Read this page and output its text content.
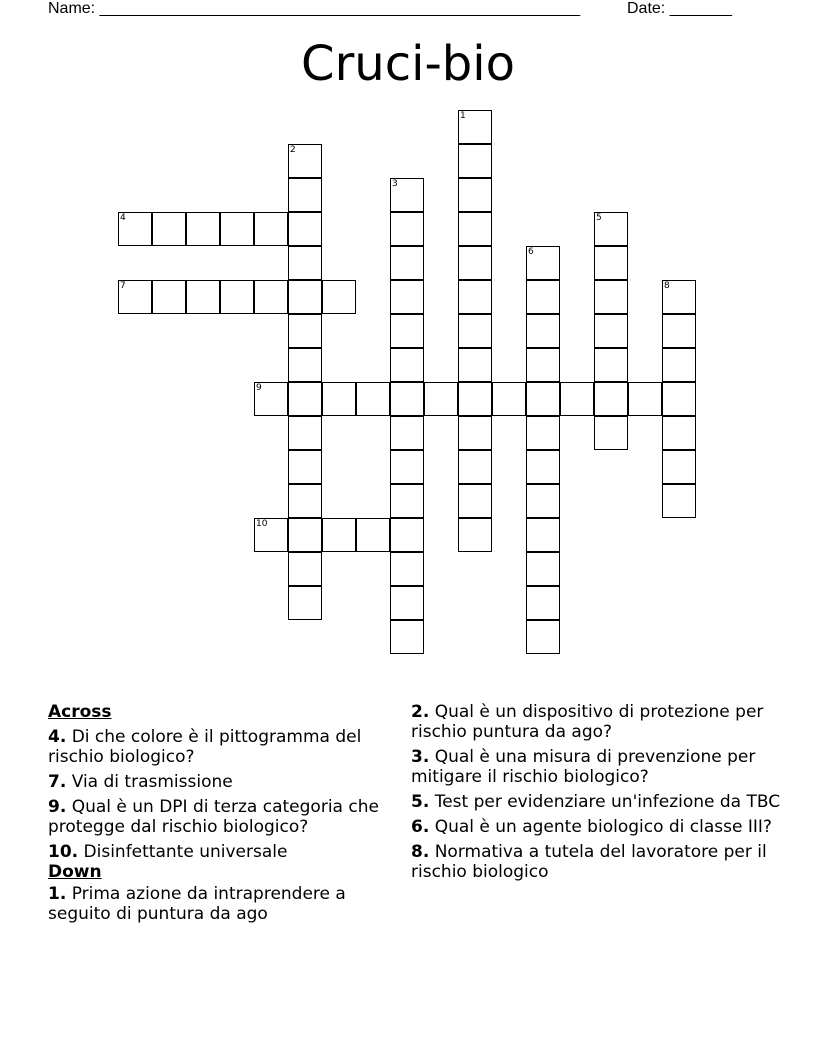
Name: ______________________________________________________	Date: _______
Cruci-bio
1
2
3
4	5
6
7	8
9
10
Across
4. Di che colore è il pittogramma del rischio biologico?
7. Via di trasmissione
9. Qual è un DPI di terza categoria che protegge dal rischio biologico?
10. Disinfettante universale
Down
1. Prima azione da intraprendere a seguito di puntura da ago
2. Qual è un dispositivo di protezione per rischio puntura da ago?
3. Qual è una misura di prevenzione per mitigare il rischio biologico?
5. Test per evidenziare un'infezione da TBC
6. Qual è un agente biologico di classe III?
8. Normativa a tutela del lavoratore per il rischio biologico
